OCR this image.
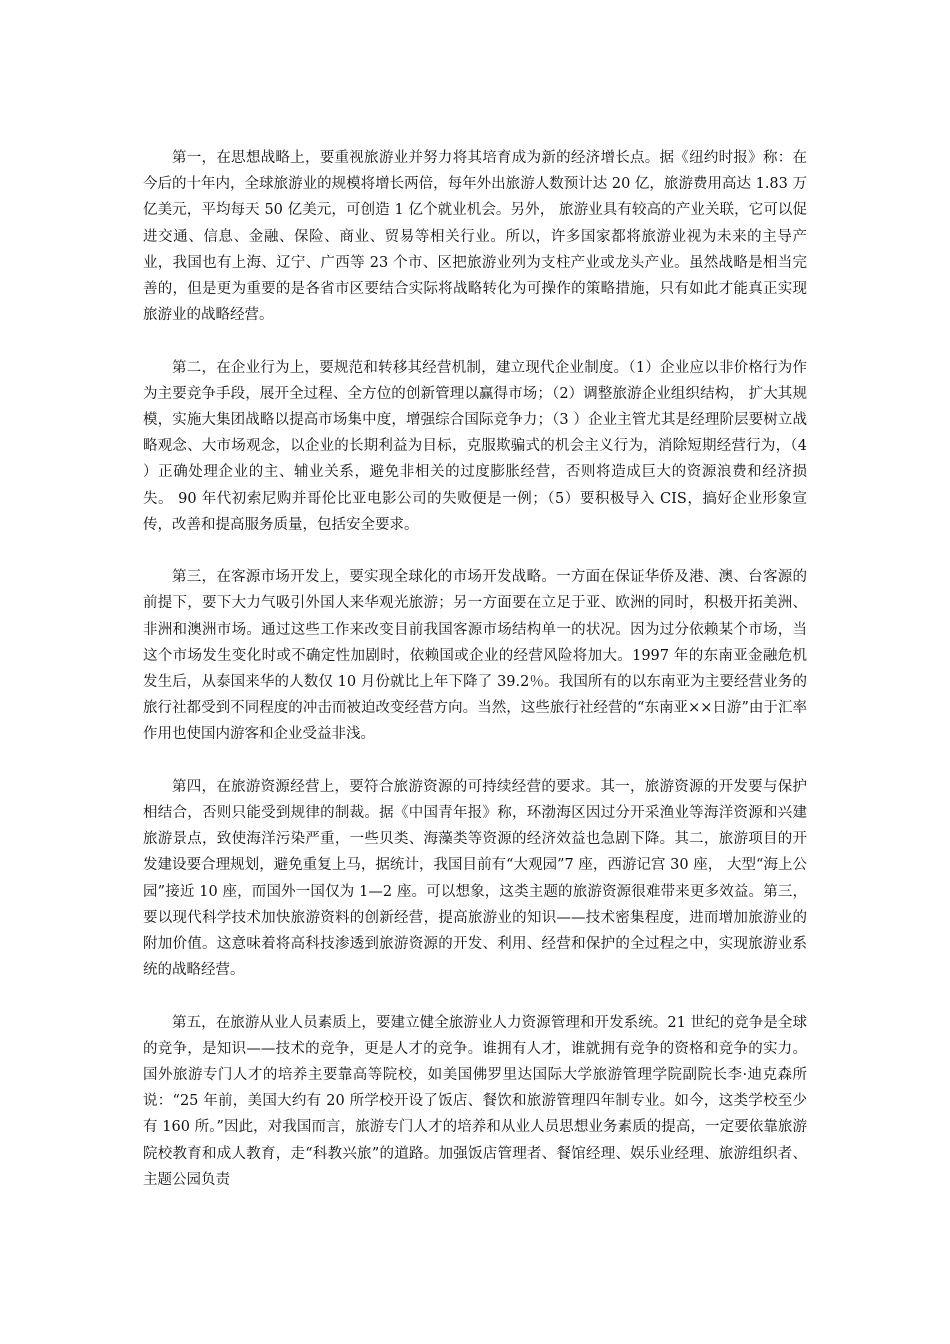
第一，在思想战略上，要重视旅游业并努力将其培育成为新的经济增长点。据《纽约时报》称：在今后的十年内，全球旅游业的规模将增长两倍，每年外出旅游人数预计达 20 亿，旅游费用高达 1.83 万亿美元，平均每天 50 亿美元，可创造 1 亿个就业机会。另外， 旅游业具有较高的产业关联，它可以促进交通、信息、金融、保险、商业、贸易等相关行业。所以，许多国家都将旅游业视为未来的主导产业，我国也有上海、辽宁、广西等 23 个市、区把旅游业列为支柱产业或龙头产业。虽然战略是相当完善的，但是更为重要的是各省市区要结合实际将战略转化为可操作的策略措施，只有如此才能真正实现旅游业的战略经营。

第二，在企业行为上，要规范和转移其经营机制，建立现代企业制度。（1）企业应以非价格行为作为主要竞争手段，展开全过程、全方位的创新管理以赢得市场；（2）调整旅游企业组织结构， 扩大其规模，实施大集团战略以提高市场集中度，增强综合国际竞争力；（3 ）企业主管尤其是经理阶层要树立战略观念、大市场观念，以企业的长期利益为目标，克服欺骗式的机会主义行为，消除短期经营行为，（4 ）正确处理企业的主、辅业关系，避免非相关的过度膨胀经营，否则将造成巨大的资源浪费和经济损失。 90 年代初索尼购并哥伦比亚电影公司的失败便是一例；（5）要积极导入 CIS，搞好企业形象宣传，改善和提高服务质量，包括安全要求。

第三，在客源市场开发上，要实现全球化的市场开发战略。一方面在保证华侨及港、澳、台客源的前提下，要下大力气吸引外国人来华观光旅游；另一方面要在立足于亚、欧洲的同时，积极开拓美洲、非洲和澳洲市场。通过这些工作来改变目前我国客源市场结构单一的状况。因为过分依赖某个市场，当这个市场发生变化时或不确定性加剧时，依赖国或企业的经营风险将加大。1997 年的东南亚金融危机发生后，从泰国来华的人数仅 10 月份就比上年下降了 39.2％。我国所有的以东南亚为主要经营业务的旅行社都受到不同程度的冲击而被迫改变经营方向。当然，这些旅行社经营的“东南亚××日游”由于汇率作用也使国内游客和企业受益非浅。

第四，在旅游资源经营上，要符合旅游资源的可持续经营的要求。其一，旅游资源的开发要与保护相结合，否则只能受到规律的制裁。据《中国青年报》称，环渤海区因过分开采渔业等海洋资源和兴建旅游景点，致使海洋污染严重，一些贝类、海藻类等资源的经济效益也急剧下降。其二，旅游项目的开发建设要合理规划，避免重复上马，据统计，我国目前有“大观园”7 座，西游记宫 30 座， 大型“海上公园”接近 10 座，而国外一国仅为 1—2 座。可以想象，这类主题的旅游资源很难带来更多效益。第三，要以现代科学技术加快旅游资料的创新经营，提高旅游业的知识——技术密集程度，进而增加旅游业的附加价值。这意味着将高科技渗透到旅游资源的开发、利用、经营和保护的全过程之中，实现旅游业系统的战略经营。

第五，在旅游从业人员素质上，要建立健全旅游业人力资源管理和开发系统。21 世纪的竞争是全球的竞争，是知识——技术的竞争，更是人才的竞争。谁拥有人才，谁就拥有竞争的资格和竞争的实力。国外旅游专门人才的培养主要靠高等院校，如美国佛罗里达国际大学旅游管理学院副院长李·迪克森所说：“25 年前，美国大约有 20 所学校开设了饭店、餐饮和旅游管理四年制专业。如今，这类学校至少有 160 所。”因此，对我国而言，旅游专门人才的培养和从业人员思想业务素质的提高，一定要依靠旅游院校教育和成人教育，走“科教兴旅”的道路。加强饭店管理者、餐馆经理、娱乐业经理、旅游组织者、主题公园负责
